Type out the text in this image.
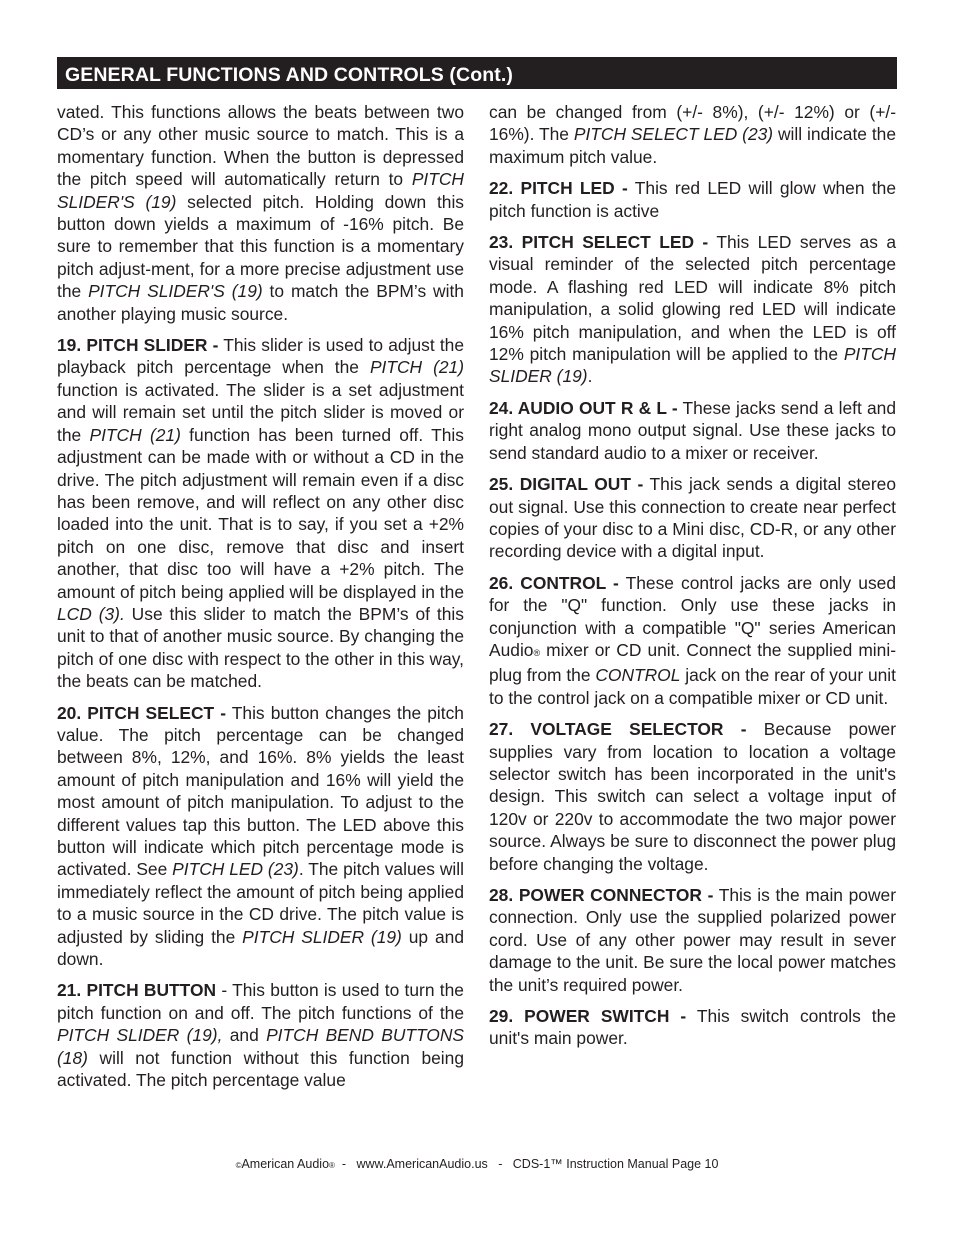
GENERAL FUNCTIONS AND CONTROLS (Cont.)

vated. This functions allows the beats between two CD’s or any other music source to match. This is a momentary function. When the button is depressed the pitch speed will automatically return to PITCH SLIDER'S (19) selected pitch. Holding down this button down yields a maximum of -16% pitch. Be sure to remember that this function is a momentary pitch adjust-ment, for a more precise adjustment use the PITCH SLIDER'S (19) to match the BPM’s with another playing music source.

19. PITCH SLIDER - This slider is used to adjust the playback pitch percentage when the PITCH (21) function is activated. The slider is a set adjustment and will remain set until the pitch slider is moved or the PITCH (21) function has been turned off. This adjustment can be made with or without a CD in the drive. The pitch adjustment will remain even if a disc has been remove, and will reflect on any other disc loaded into the unit. That is to say, if you set a +2% pitch on one disc, remove that disc and insert another, that disc too will have a +2% pitch. The amount of pitch being applied will be displayed in the LCD (3). Use this slider to match the BPM’s of this unit to that of another music source. By changing the pitch of one disc with respect to the other in this way, the beats can be matched.

20. PITCH SELECT - This button changes the pitch value. The pitch percentage can be changed between 8%, 12%, and 16%. 8% yields the least amount of pitch manipulation and 16% will yield the most amount of pitch manipulation. To adjust to the different values tap this button. The LED above this button will indicate which pitch percentage mode is activated. See PITCH LED (23). The pitch values will immediately reflect the amount of pitch being applied to a music source in the CD drive. The pitch value is adjusted by sliding the PITCH SLIDER (19) up and down.

21. PITCH BUTTON - This button is used to turn the pitch function on and off. The pitch functions of the PITCH SLIDER (19), and PITCH BEND BUTTONS (18) will not function without this function being activated. The pitch percentage value

can be changed from (+/- 8%), (+/- 12%) or (+/- 16%). The PITCH SELECT LED (23) will indicate the maximum pitch value.

22. PITCH LED - This red LED will glow when the pitch function is active

23. PITCH SELECT LED - This LED serves as a visual reminder of the selected pitch percentage mode. A flashing red LED will indicate 8% pitch manipulation, a solid glowing red LED will indicate 16% pitch manipulation, and when the LED is off 12% pitch manipulation will be applied to the PITCH SLIDER (19).

24. AUDIO OUT R & L - These jacks send a left and right analog mono output signal. Use these jacks to send standard audio to a mixer or receiver.

25. DIGITAL OUT - This jack sends a digital stereo out signal. Use this connection to create near perfect copies of your disc to a Mini disc, CD-R, or any other recording device with a digital input.

26. CONTROL - These control jacks are only used for the "Q" function. Only use these jacks in conjunction with a compatible "Q" series American Audio® mixer or CD unit. Connect the supplied mini-plug from the CONTROL jack on the rear of your unit to the control jack on a compatible mixer or CD unit.

27. VOLTAGE SELECTOR - Because power supplies vary from location to location a voltage selector switch has been incorporated in the unit's design. This switch can select a voltage input of 120v or 220v to accommodate the two major power source. Always be sure to disconnect the power plug before changing the voltage.

28. POWER CONNECTOR - This is the main power connection. Only use the supplied polarized power cord. Use of any other power may result in sever damage to the unit. Be sure the local power matches the unit’s required power.

29. POWER SWITCH - This switch controls the unit's main power.

©American Audio®  -   www.AmericanAudio.us   -   CDS-1™ Instruction Manual Page 10
